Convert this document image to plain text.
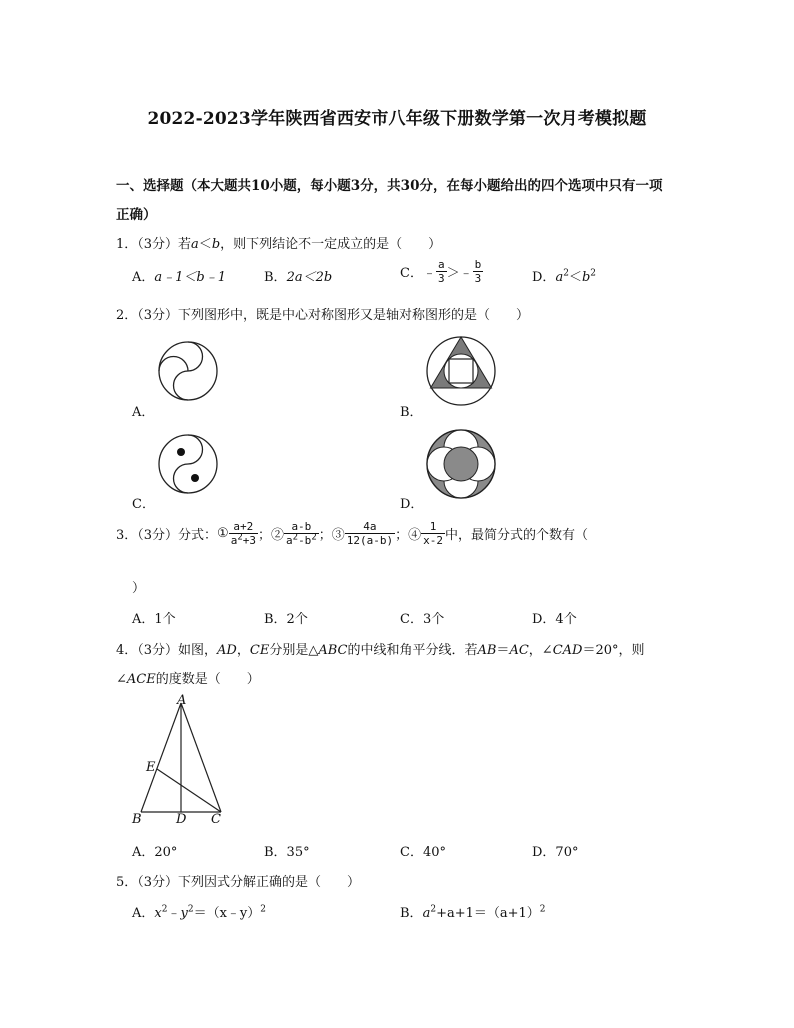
2022-2023学年陕西省西安市八年级下册数学第一次月考模拟题
一、选择题（本大题共10小题，每小题3分，共30分，在每小题给出的四个选项中只有一项
正确）
1．（3分）若a＜b，则下列结论不一定成立的是（　　）
A．a﹣1＜b﹣1	B．2a＜2b	C．﹣ $\frac{a}{3}$ ＞﹣ $\frac{b}{3}$	D．$a^2<b^2$
2．（3分）下列图形中，既是中心对称图形又是轴对称图形的是（　　）
A．	B．
C．	D．
3．（3分）分式：① $\frac{a+2}{a^2+3}$ ；② $\frac{a-b}{a^2-b^2}$ ；③ $\frac{4a}{12(a-b)}$ ；④ $\frac{1}{x-2}$ 中，最简分式的个数有（
）
A．1个	B．2个	C．3个	D．4个
4．（3分）如图，AD，CE分别是△ABC的中线和角平分线．若AB＝AC，∠CAD＝20°，则
∠ACE的度数是（　　）
A
E
B	D C
A．20°	B．35°	C．40°	D．70°
5．（3分）下列因式分解正确的是（　　）
A．$x^2﹣y^2=(x﹣y)^2$	B．$a^2+a+1=(a+1)^2$
